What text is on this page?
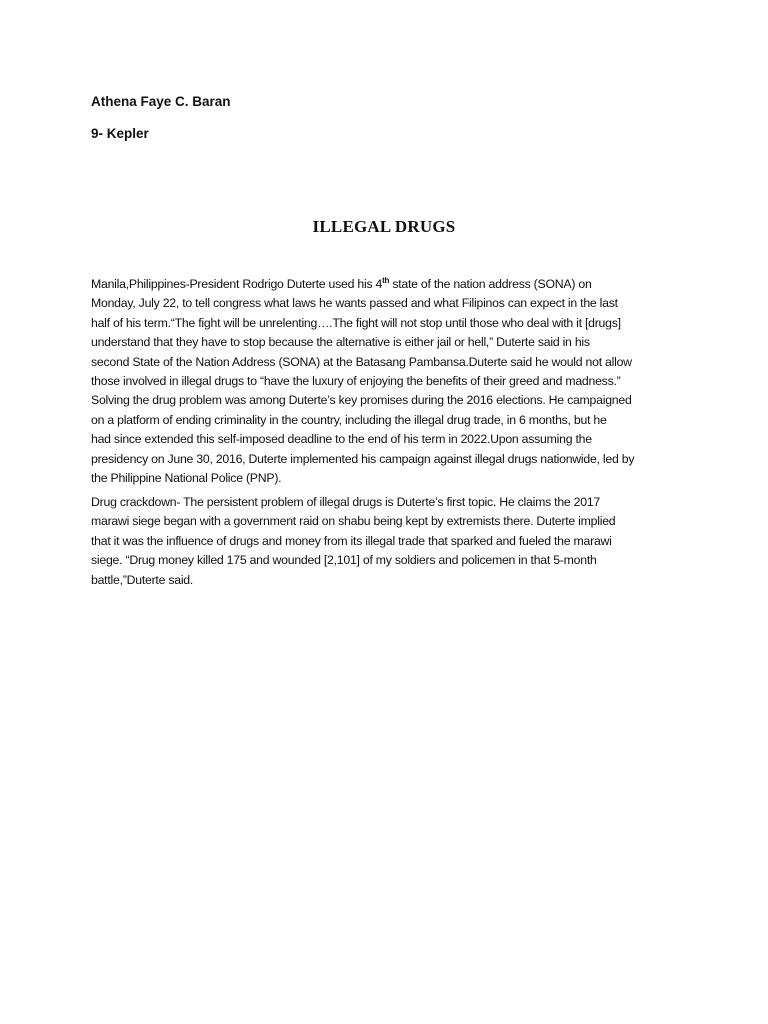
Athena Faye C. Baran

9- Kepler

ILLEGAL DRUGS
Manila,Philippines-President Rodrigo Duterte used his 4th state of the nation address (SONA) on
Monday, July 22, to tell congress what laws he wants passed and what Filipinos can expect in the last
half of his term.“The fight will be unrelenting….The fight will not stop until those who deal with it [drugs]
understand that they have to stop because the alternative is either jail or hell,” Duterte said in his
second State of the Nation Address (SONA) at the Batasang Pambansa.Duterte said he would not allow
those involved in illegal drugs to “have the luxury of enjoying the benefits of their greed and madness.”
Solving the drug problem was among Duterte’s key promises during the 2016 elections. He campaigned
on a platform of ending criminality in the country, including the illegal drug trade, in 6 months, but he
had since extended this self-imposed deadline to the end of his term in 2022.Upon assuming the
presidency on June 30, 2016, Duterte implemented his campaign against illegal drugs nationwide, led by
the Philippine National Police (PNP).
Drug crackdown- The persistent problem of illegal drugs is Duterte’s first topic. He claims the 2017
marawi siege began with a government raid on shabu being kept by extremists there. Duterte implied
that it was the influence of drugs and money from its illegal trade that sparked and fueled the marawi
siege. “Drug money killed 175 and wounded [2,101] of my soldiers and policemen in that 5-month
battle,”Duterte said.
